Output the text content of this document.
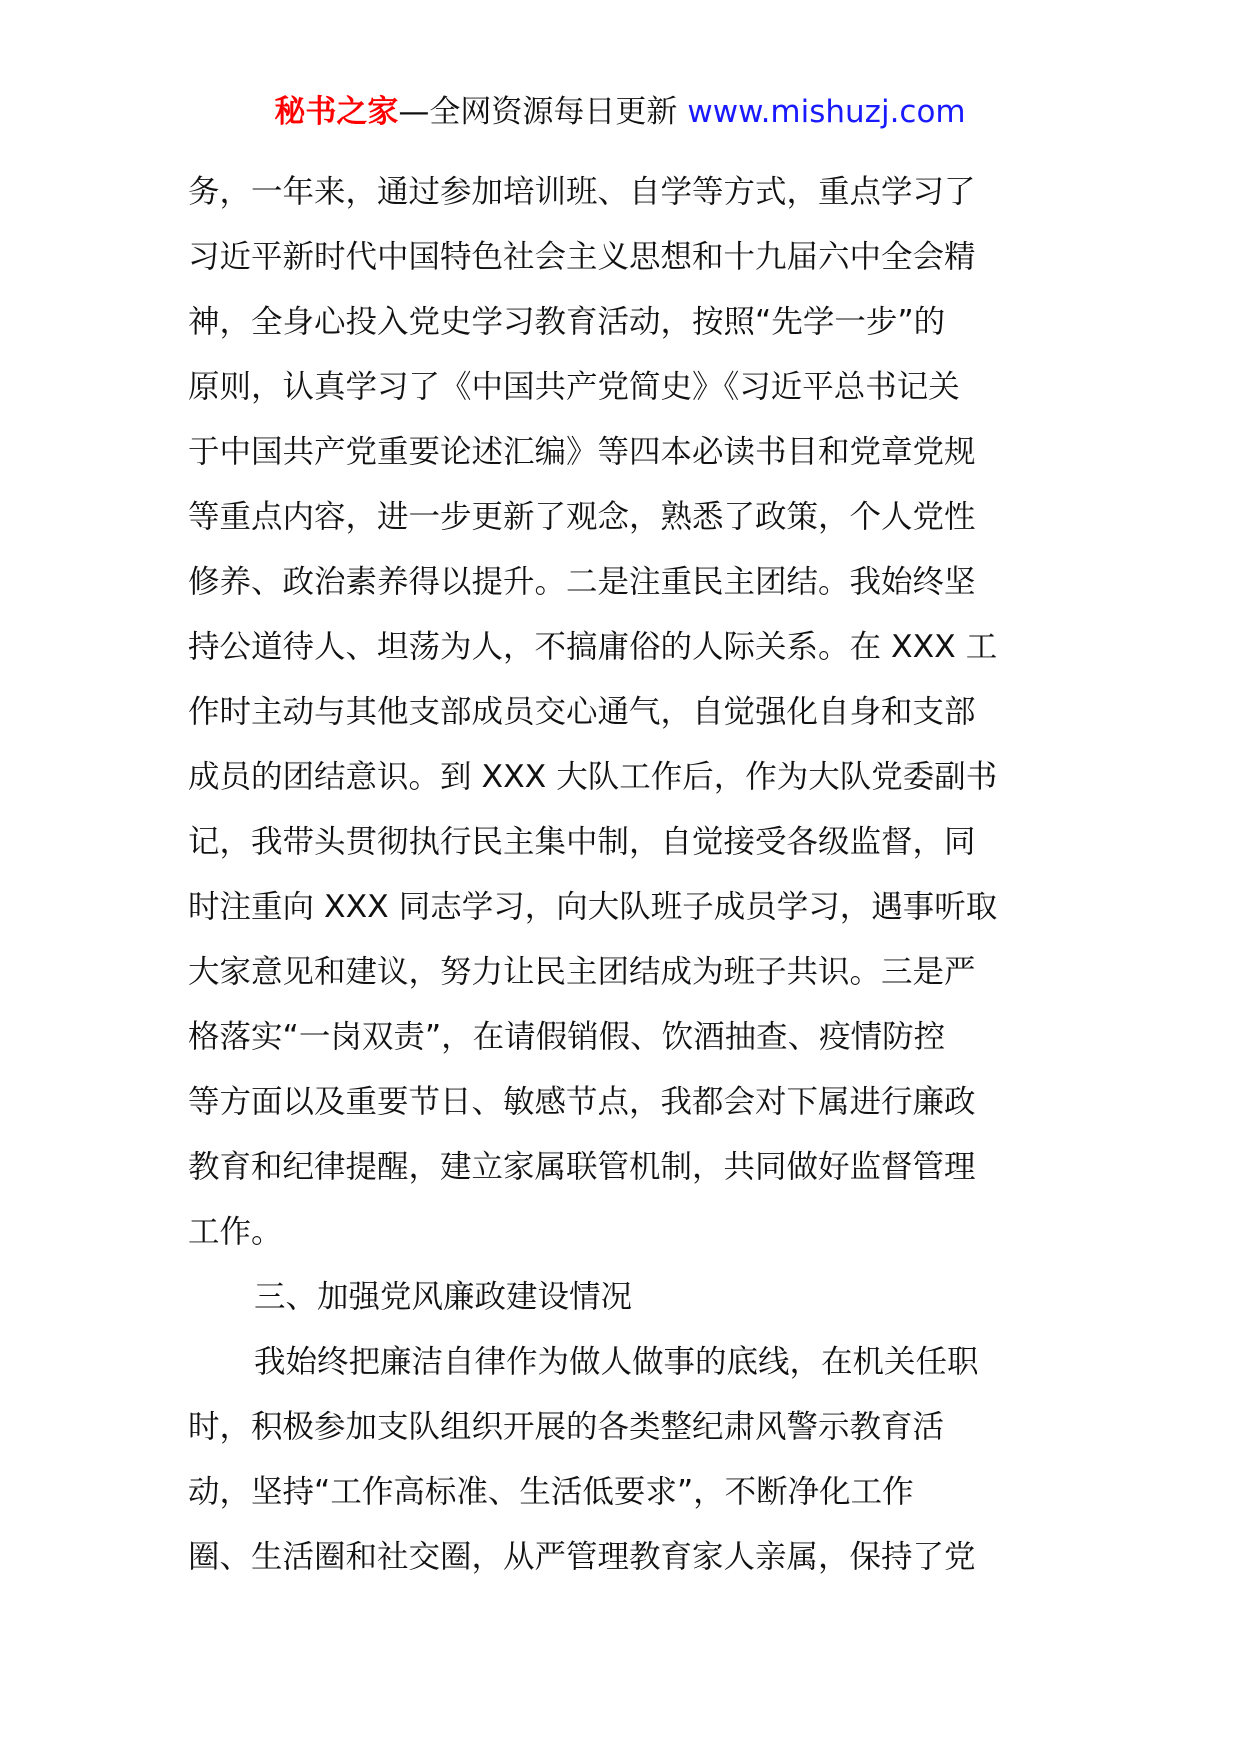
秘书之家—全网资源每日更新 www.mishuzj.com
务，一年来，通过参加培训班、自学等方式，重点学习了
习近平新时代中国特色社会主义思想和十九届六中全会精
神，全身心投入党史学习教育活动，按照“先学一步”的
原则，认真学习了《中国共产党简史》《习近平总书记关
于中国共产党重要论述汇编》等四本必读书目和党章党规
等重点内容，进一步更新了观念，熟悉了政策，个人党性
修养、政治素养得以提升。二是注重民主团结。我始终坚
持公道待人、坦荡为人，不搞庸俗的人际关系。在 XXX 工
作时主动与其他支部成员交心通气，自觉强化自身和支部
成员的团结意识。到 XXX 大队工作后，作为大队党委副书
记，我带头贯彻执行民主集中制，自觉接受各级监督，同
时注重向 XXX 同志学习，向大队班子成员学习，遇事听取
大家意见和建议，努力让民主团结成为班子共识。三是严
格落实“一岗双责”，在请假销假、饮酒抽查、疫情防控
等方面以及重要节日、敏感节点，我都会对下属进行廉政
教育和纪律提醒，建立家属联管机制，共同做好监督管理
工作。
三、加强党风廉政建设情况
我始终把廉洁自律作为做人做事的底线，在机关任职
时，积极参加支队组织开展的各类整纪肃风警示教育活
动，坚持“工作高标准、生活低要求”，不断净化工作
圈、生活圈和社交圈，从严管理教育家人亲属，保持了党
